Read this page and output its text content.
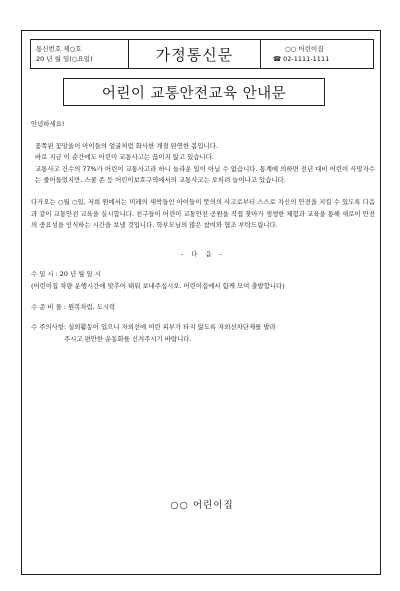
통신번호 제○호
20 년 월 일(○요일)	가정통신문	○○ 어린이집
☎ 02-1111-1111
어린이 교통안전교육 안내문
안녕하세요!
꽃쪽핀 꽃망울이 아이들의 얼굴처럼 화사한 계절 완연한 봄입니다.
바로 지금 이 순간에도 어린이 교통사고는 끊이지 않고 있습니다.
교통사고 건수의 77%가 어린이 교통사고라 하니 놀라운 일이 아닐 수 없습니다. 통계에 의하면 전년 대비 어린이 사망자수는 줄어들었지만, 스쿨 존 등 어린이보호구역에서의 교통사고는 오히려 늘어나고 있습니다.
다가오는 ○월 ○일, 저희 원에서는 미래의 새싹들인 아이들이 뜻의의 사고로부터 스스로 자신의 안전을 지킬 수 있도록 다음과 같이 교통안전 교육을 실시합니다. 친구들이 어린이 교통안전 공원을 직접 찾아가 생생한 체험과 교육을 통해 새로이 안전의 중요성을 인식하는 시간을 보낼 것입니다. 학부모님의 많은 참여와 협조 부탁드립니다.
- 다 음 -
수 일 시 : 20 년 월 일 시
(어린이집 차량 운행시간에 맞추어 태워 보내주십시오. 어린이집에서 함께 모여 출발합니다)
수 준 비 물 : 원복차림, 도시락
수 주의사항: 실외활동이 있으니 자외선에 여린 피부가 타지 않도록 자외선차단제를 발라
주시고 편안한 운동화를 신겨주시기 바랍니다.
○○ 어린이집
